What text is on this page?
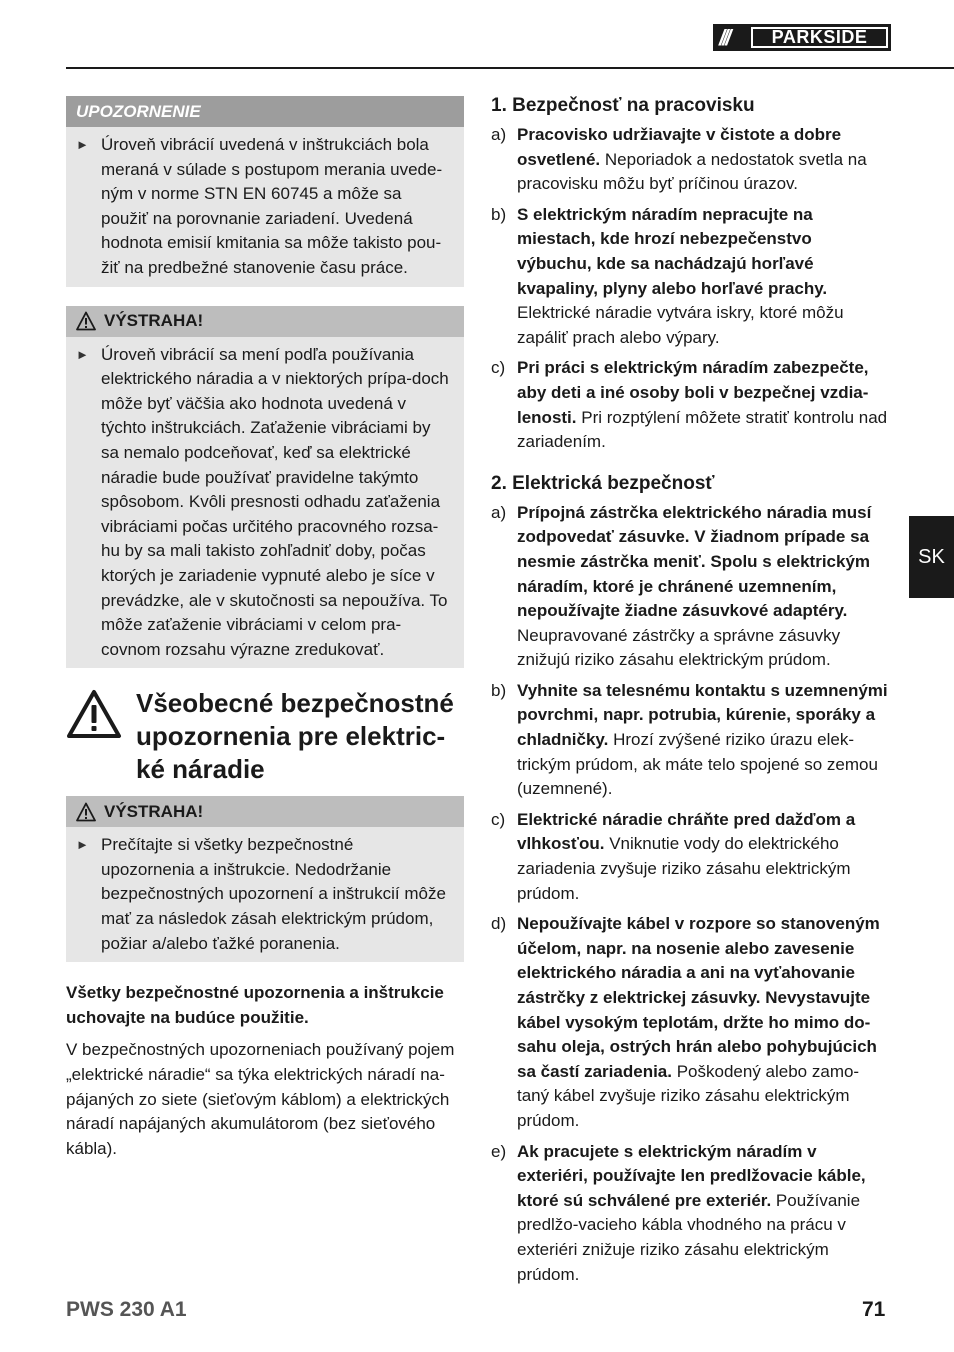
///	PARKSIDE
UPOZORNENIE
► Úroveň vibrácií uvedená v inštrukciách bola meraná v súlade s postupom merania uvede-ným v norme STN EN 60745 a môže sa použiť na porovnanie zariadení. Uvedená hodnota emisií kmitania sa môže takisto pou-žiť na predbežné stanovenie času práce.
VÝSTRAHA!
► Úroveň vibrácií sa mení podľa používania elektrického náradia a v niektorých prípa-doch môže byť väčšia ako hodnota uvedená v týchto inštrukciách. Zaťaženie vibráciami by sa nemalo podceňovať, keď sa elektrické náradie bude používať pravidelne takýmto spôsobom. Kvôli presnosti odhadu zaťaženia vibráciami počas určitého pracovného rozsa-hu by sa mali takisto zohľadniť doby, počas ktorých je zariadenie vypnuté alebo je síce v prevádzke, ale v skutočnosti sa nepoužíva. To môže zaťaženie vibráciami v celom pra-covnom rozsahu výrazne zredukovať.
Všeobecné bezpečnostné upozornenia pre elektric-ké náradie
VÝSTRAHA!
► Prečítajte si všetky bezpečnostné upozornenia a inštrukcie. Nedodržanie bezpečnostných upozornení a inštrukcií môže mať za následok zásah elektrickým prúdom, požiar a/alebo ťažké poranenia.
Všetky bezpečnostné upozornenia a inštrukcie uchovajte na budúce použitie.
V bezpečnostných upozorneniach používaný pojem „elektrické náradie“ sa týka elektrických náradí na-pájaných zo siete (sieťovým káblom) a elektrických náradí napájaných akumulátorom (bez sieťového kábla).
1. Bezpečnosť na pracovisku
a) Pracovisko udržiavajte v čistote a dobre osvetlené. Neporiadok a nedostatok svetla na pracovisku môžu byť príčinou úrazov.
b) S elektrickým náradím nepracujte na miestach, kde hrozí nebezpečenstvo výbuchu, kde sa nachádzajú horľavé kvapaliny, plyny alebo horľavé prachy. Elektrické náradie vytvára iskry, ktoré môžu zapáliť prach alebo výpary.
c) Pri práci s elektrickým náradím zabezpečte, aby deti a iné osoby boli v bezpečnej vzdia-lenosti. Pri rozptýlení môžete stratiť kontrolu nad zariadením.
2. Elektrická bezpečnosť
a) Prípojná zástrčka elektrického náradia musí zodpovedať zásuvke. V žiadnom prípade sa nesmie zástrčka meniť. Spolu s elektrickým náradím, ktoré je chránené uzemnením, nepoužívajte žiadne zásuvkové adaptéry. Neupravované zástrčky a správne zásuvky znižujú riziko zásahu elektrickým prúdom.
b) Vyhnite sa telesnému kontaktu s uzemnenými povrchmi, napr. potrubia, kúrenie, sporáky a chladničky. Hrozí zvýšené riziko úrazu elek-trickým prúdom, ak máte telo spojené so zemou (uzemnené).
c) Elektrické náradie chráňte pred dažďom a vlhkosťou. Vniknutie vody do elektrického zariadenia zvyšuje riziko zásahu elektrickým prúdom.
d) Nepoužívajte kábel v rozpore so stanoveným účelom, napr. na nosenie alebo zavesenie elektrického náradia a ani na vyťahovanie zástrčky z elektrickej zásuvky. Nevystavujte kábel vysokým teplotám, držte ho mimo do-sahu oleja, ostrých hrán alebo pohybujúcich sa častí zariadenia. Poškodený alebo zamo-taný kábel zvyšuje riziko zásahu elektrickým prúdom.
e) Ak pracujete s elektrickým náradím v exteriéri, používajte len predlžovacie káble, ktoré sú schválené pre exteriér. Používanie predlžo-vacieho kábla vhodného na prácu v exteriéri znižuje riziko zásahu elektrickým prúdom.
SK
PWS 230 A1	71
